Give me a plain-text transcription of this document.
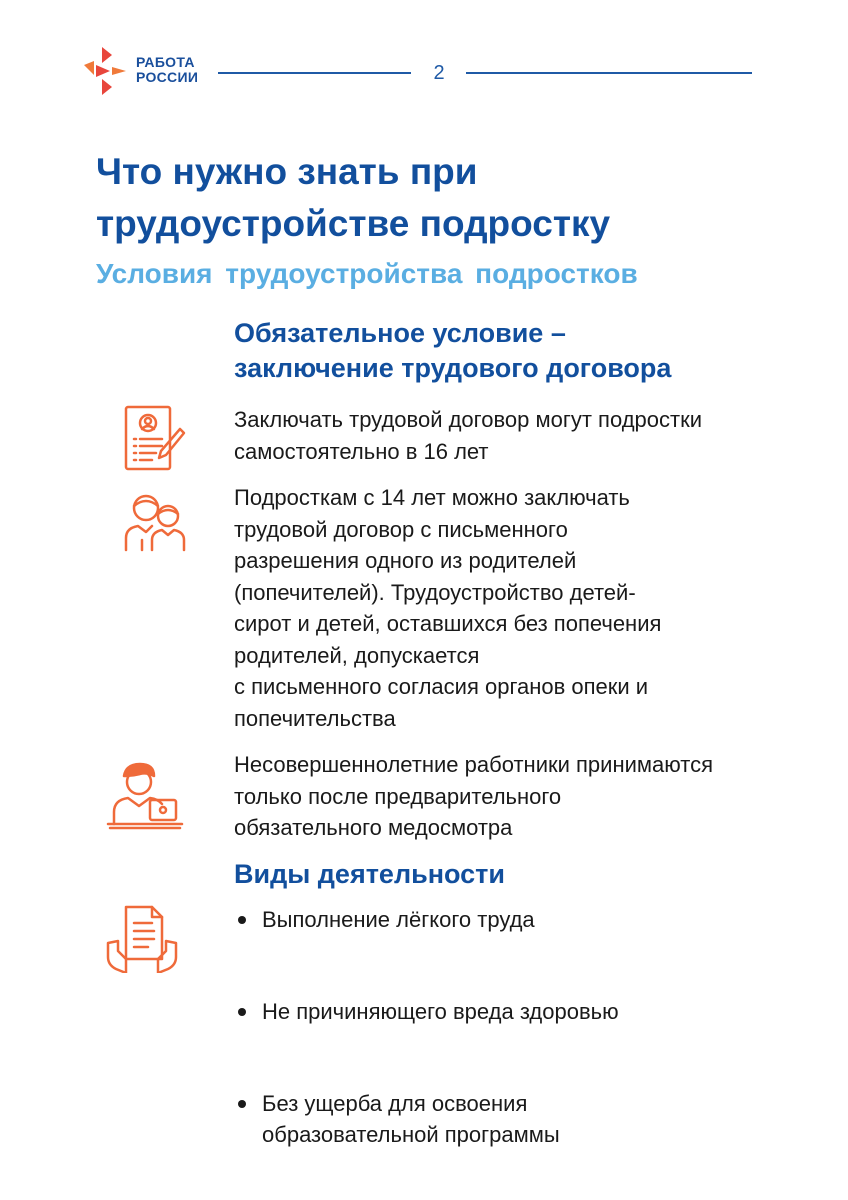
РАБОТА
РОССИИ	2
Что нужно знать при
трудоустройстве подростку
Условия трудоустройства подростков
Обязательное условие –
заключение трудового договора
Заключать трудовой договор могут подростки
самостоятельно в 16 лет
Подросткам с 14 лет можно заключать
трудовой договор с письменного
разрешения одного из родителей
(попечителей). Трудоустройство детей-
сирот и детей, оставшихся без попечения
родителей, допускается
с письменного согласия органов опеки и
попечительства
Несовершеннолетние работники принимаются
только после предварительного
обязательного медосмотра
Виды деятельности
Выполнение лёгкого труда
Не причиняющего вреда здоровью
Без ущерба для освоения
образовательной программы
